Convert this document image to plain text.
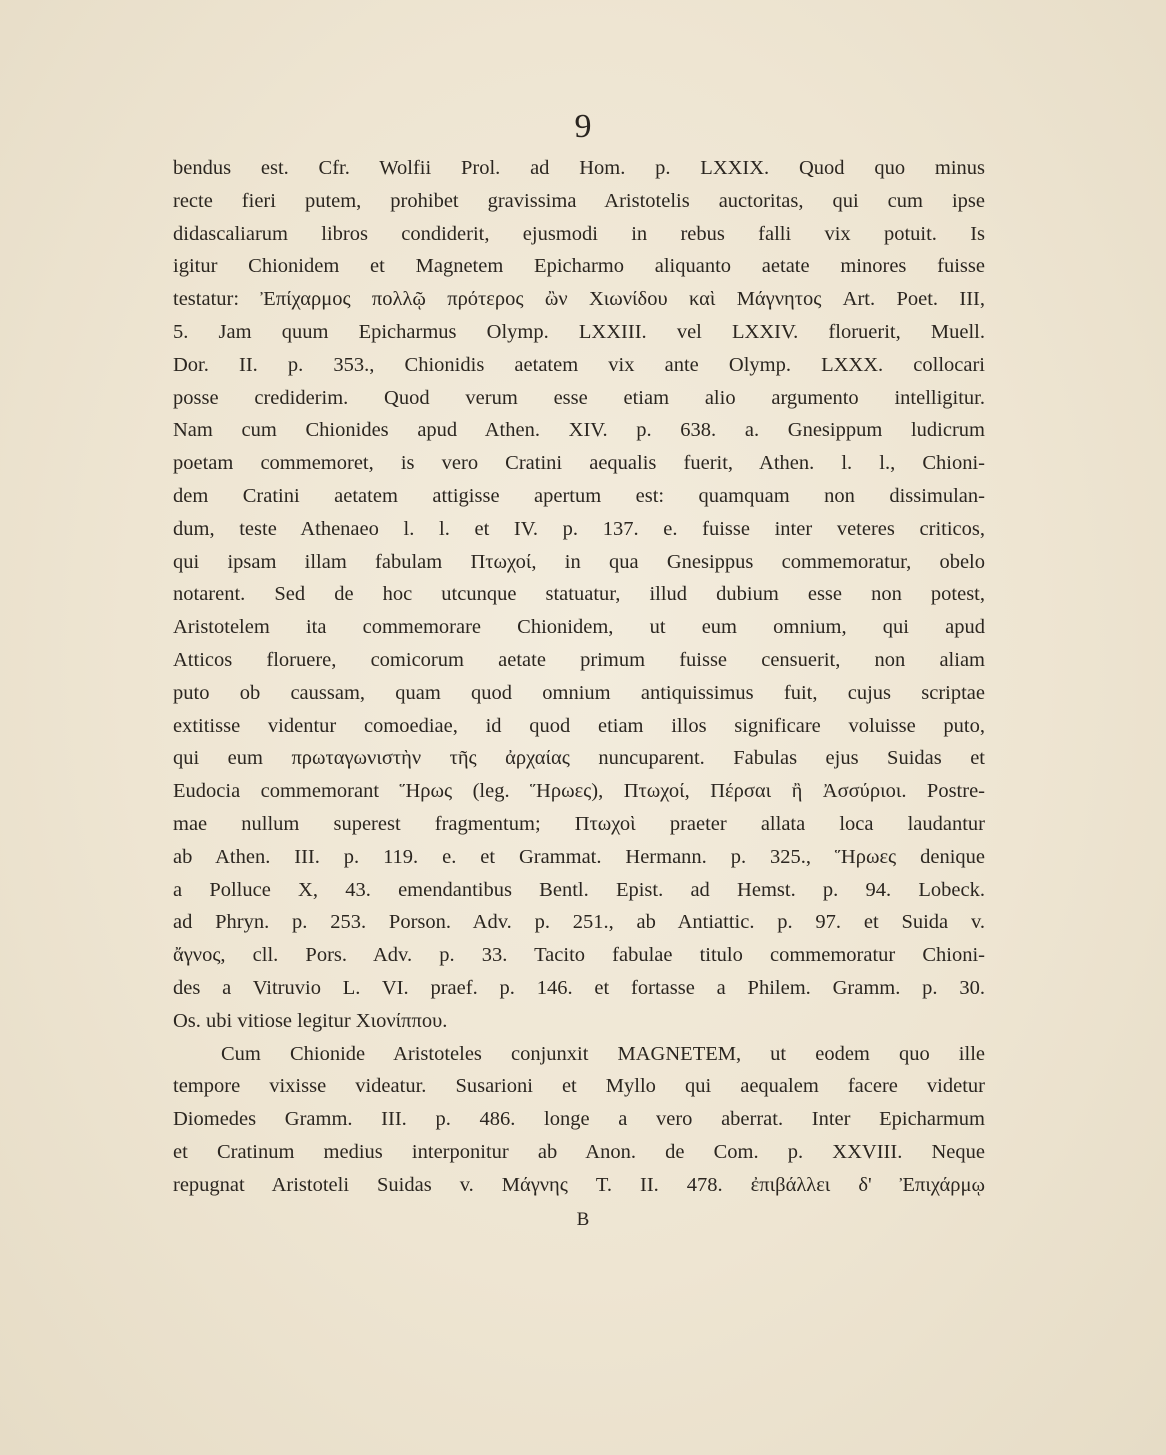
9
bendus est. Cfr. Wolfii Prol. ad Hom. p. LXXIX. Quod quo minus
recte fieri putem, prohibet gravissima Aristotelis auctoritas, qui cum ipse
didascaliarum libros condiderit, ejusmodi in rebus falli vix potuit. Is
igitur Chionidem et Magnetem Epicharmo aliquanto aetate minores fuisse
testatur: Ἐπίχαρμος πολλῷ πρότερος ὢν Χιωνίδου καὶ Μάγνητος Art. Poet. III,
5. Jam quum Epicharmus Olymp. LXXIII. vel LXXIV. floruerit, Muell.
Dor. II. p. 353., Chionidis aetatem vix ante Olymp. LXXX. collocari
posse crediderim. Quod verum esse etiam alio argumento intelligitur.
Nam cum Chionides apud Athen. XIV. p. 638. a. Gnesippum ludicrum
poetam commemoret, is vero Cratini aequalis fuerit, Athen. l. l., Chioni-
dem Cratini aetatem attigisse apertum est: quamquam non dissimulan-
dum, teste Athenaeo l. l. et IV. p. 137. e. fuisse inter veteres criticos,
qui ipsam illam fabulam Πτωχοί, in qua Gnesippus commemoratur, obelo
notarent. Sed de hoc utcunque statuatur, illud dubium esse non potest,
Aristotelem ita commemorare Chionidem, ut eum omnium, qui apud
Atticos floruere, comicorum aetate primum fuisse censuerit, non aliam
puto ob caussam, quam quod omnium antiquissimus fuit, cujus scriptae
extitisse videntur comoediae, id quod etiam illos significare voluisse puto,
qui eum πρωταγωνιστὴν τῆς ἀρχαίας nuncuparent. Fabulas ejus Suidas et
Eudocia commemorant Ἥρως (leg. Ἥρωες), Πτωχοί, Πέρσαι ἢ Ἀσσύριοι. Postre-
mae nullum superest fragmentum; Πτωχοὶ praeter allata loca laudantur
ab Athen. III. p. 119. e. et Grammat. Hermann. p. 325., Ἥρωες denique
a Polluce X, 43. emendantibus Bentl. Epist. ad Hemst. p. 94. Lobeck.
ad Phryn. p. 253. Porson. Adv. p. 251., ab Antiattic. p. 97. et Suida v.
ἄγνος, cll. Pors. Adv. p. 33. Tacito fabulae titulo commemoratur Chioni-
des a Vitruvio L. VI. praef. p. 146. et fortasse a Philem. Gramm. p. 30.
Os. ubi vitiose legitur Χιονίππου.
Cum Chionide Aristoteles conjunxit MAGNETEM, ut eodem quo ille
tempore vixisse videatur. Susarioni et Myllo qui aequalem facere videtur
Diomedes Gramm. III. p. 486. longe a vero aberrat. Inter Epicharmum
et Cratinum medius interponitur ab Anon. de Com. p. XXVIII. Neque
repugnat Aristoteli Suidas v. Μάγνης T. II. 478. ἐπιβάλλει δ' Ἐπιχάρμῳ
B
